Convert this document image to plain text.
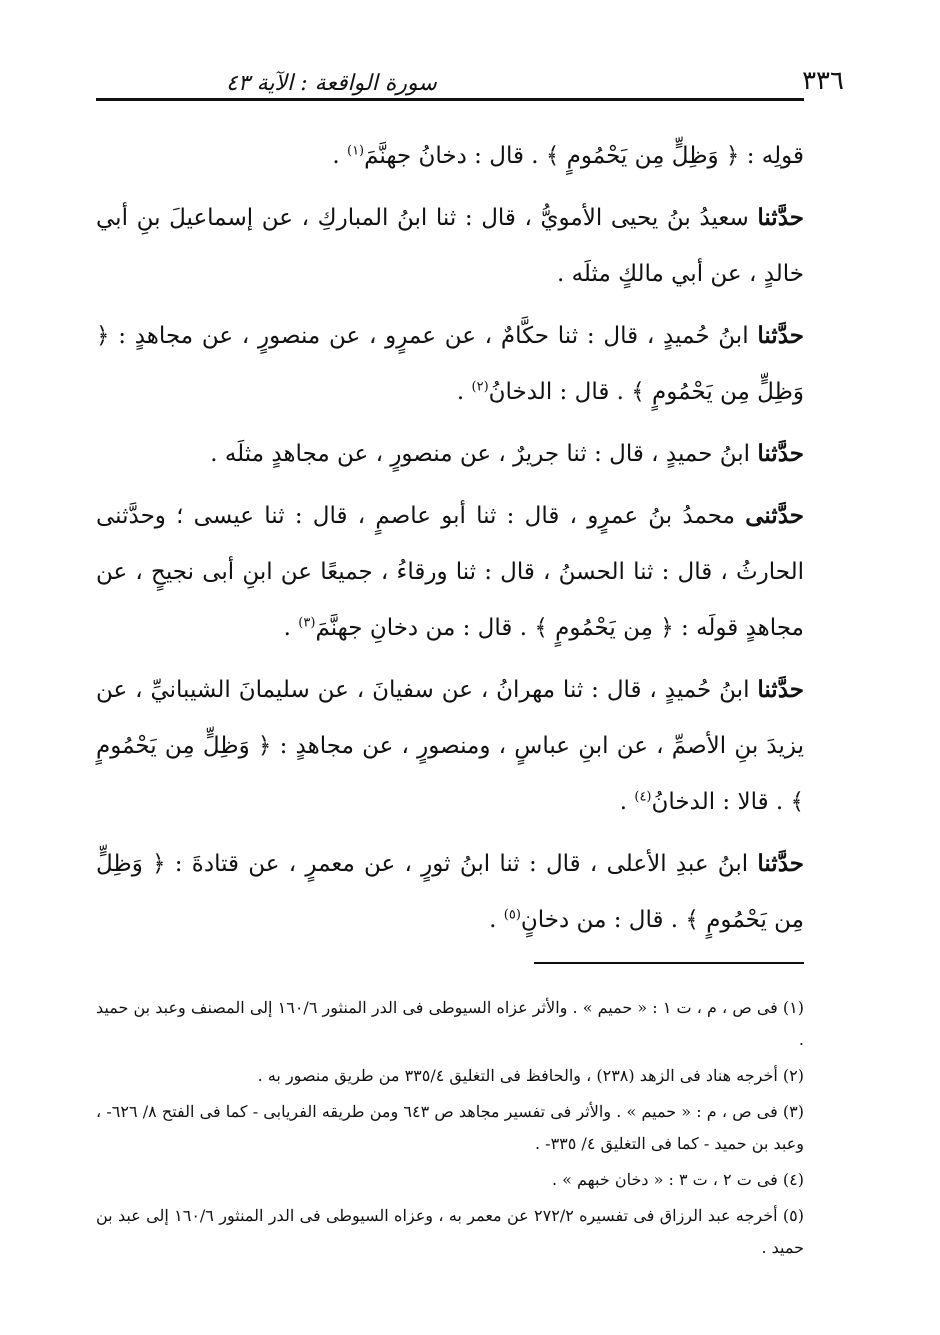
٣٣٦
سورة الواقعة : الآية ٤٣

قولِه : ﴿ وَظِلٍّ مِن يَحْمُومٍ ﴾ . قال : دخانُ جهنَّمَ$^{(١)}$ .

حدَّثنا سعيدُ بنُ يحيى الأمويُّ ، قال : ثنا ابنُ المباركِ ، عن إسماعيلَ بنِ أبي خالدٍ ، عن أبي مالكٍ مثلَه .

حدَّثنا ابنُ حُميدٍ ، قال : ثنا حكَّامٌ ، عن عمرٍو ، عن منصورٍ ، عن مجاهدٍ : ﴿ وَظِلٍّ مِن يَحْمُومٍ ﴾ . قال : الدخانُ$^{(٢)}$ .

حدَّثنا ابنُ حميدٍ ، قال : ثنا جريرٌ ، عن منصورٍ ، عن مجاهدٍ مثلَه .

حدَّثنى محمدُ بنُ عمرٍو ، قال : ثنا أبو عاصمٍ ، قال : ثنا عيسى ؛ وحدَّثنى الحارثُ ، قال : ثنا الحسنُ ، قال : ثنا ورقاءُ ، جميعًا عن ابنِ أبى نجيحٍ ، عن مجاهدٍ قولَه : ﴿ مِن يَحْمُومٍ ﴾ . قال : من دخانِ جهنَّمَ$^{(٣)}$ .

حدَّثنا ابنُ حُميدٍ ، قال : ثنا مهرانُ ، عن سفيانَ ، عن سليمانَ الشيبانيِّ ، عن يزيدَ بنِ الأصمِّ ، عن ابنِ عباسٍ ، ومنصورٍ ، عن مجاهدٍ : ﴿ وَظِلٍّ مِن يَحْمُومٍ ﴾ . قالا : الدخانُ$^{(٤)}$ .

حدَّثنا ابنُ عبدِ الأعلى ، قال : ثنا ابنُ ثورٍ ، عن معمرٍ ، عن قتادةَ : ﴿ وَظِلٍّ مِن يَحْمُومٍ ﴾ . قال : من دخانٍ$^{(٥)}$ .

(١) فى ص ، م ، ت ١ : « حميم » . والأثر عزاه السيوطى فى الدر المنثور ١٦٠/٦ إلى المصنف وعبد بن حميد .

(٢) أخرجه هناد فى الزهد (٢٣٨) ، والحافظ فى التغليق ٣٣٥/٤ من طريق منصور به .

(٣) فى ص ، م : « حميم » . والأثر فى تفسير مجاهد ص ٦٤٣ ومن طريقه الفريابى - كما فى الفتح ٨/ ٦٢٦- ، وعبد بن حميد - كما فى التغليق ٤/ ٣٣٥- .

(٤) فى ت ٢ ، ت ٣ : « دخان خبهم » .

(٥) أخرجه عبد الرزاق فى تفسيره ٢٧٢/٢ عن معمر به ، وعزاه السيوطى فى الدر المنثور ١٦٠/٦ إلى عبد بن حميد .
